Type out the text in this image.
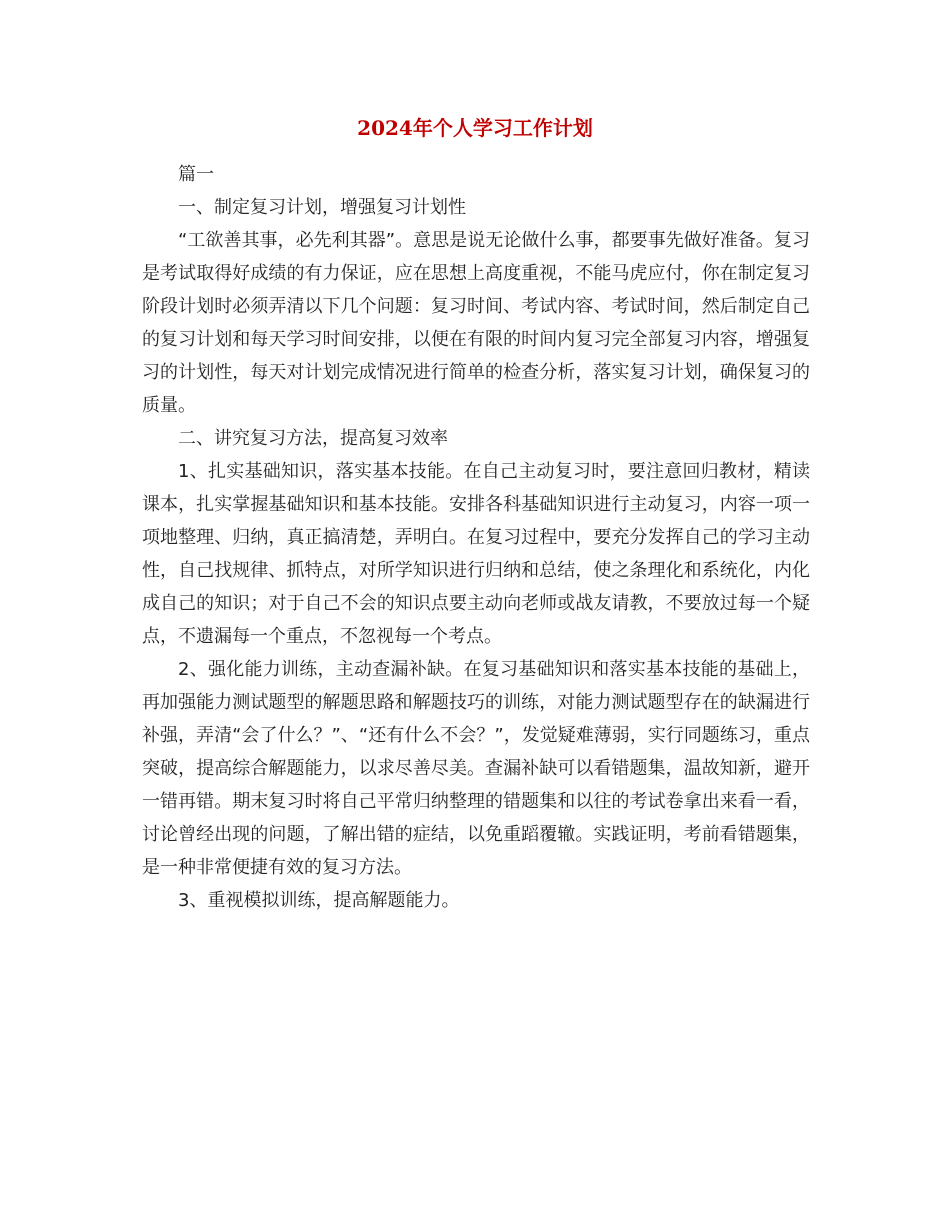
2024年个人学习工作计划

篇一

一、制定复习计划，增强复习计划性

“工欲善其事，必先利其器”。意思是说无论做什么事，都要事先做好准备。复习是考试取得好成绩的有力保证，应在思想上高度重视，不能马虎应付，你在制定复习阶段计划时必须弄清以下几个问题：复习时间、考试内容、考试时间，然后制定自己的复习计划和每天学习时间安排，以便在有限的时间内复习完全部复习内容，增强复习的计划性，每天对计划完成情况进行简单的检查分析，落实复习计划，确保复习的质量。

二、讲究复习方法，提高复习效率

1、扎实基础知识，落实基本技能。在自己主动复习时，要注意回归教材，精读课本，扎实掌握基础知识和基本技能。安排各科基础知识进行主动复习，内容一项一项地整理、归纳，真正搞清楚，弄明白。在复习过程中，要充分发挥自己的学习主动性，自己找规律、抓特点，对所学知识进行归纳和总结，使之条理化和系统化，内化成自己的知识；对于自己不会的知识点要主动向老师或战友请教，不要放过每一个疑点，不遗漏每一个重点，不忽视每一个考点。

2、强化能力训练，主动查漏补缺。在复习基础知识和落实基本技能的基础上，再加强能力测试题型的解题思路和解题技巧的训练，对能力测试题型存在的缺漏进行补强，弄清“会了什么？”、“还有什么不会？”，发觉疑难薄弱，实行同题练习，重点突破，提高综合解题能力，以求尽善尽美。查漏补缺可以看错题集，温故知新，避开一错再错。期末复习时将自己平常归纳整理的错题集和以往的考试卷拿出来看一看，讨论曾经出现的问题，了解出错的症结，以免重蹈覆辙。实践证明，考前看错题集，是一种非常便捷有效的复习方法。

3、重视模拟训练，提高解题能力。
